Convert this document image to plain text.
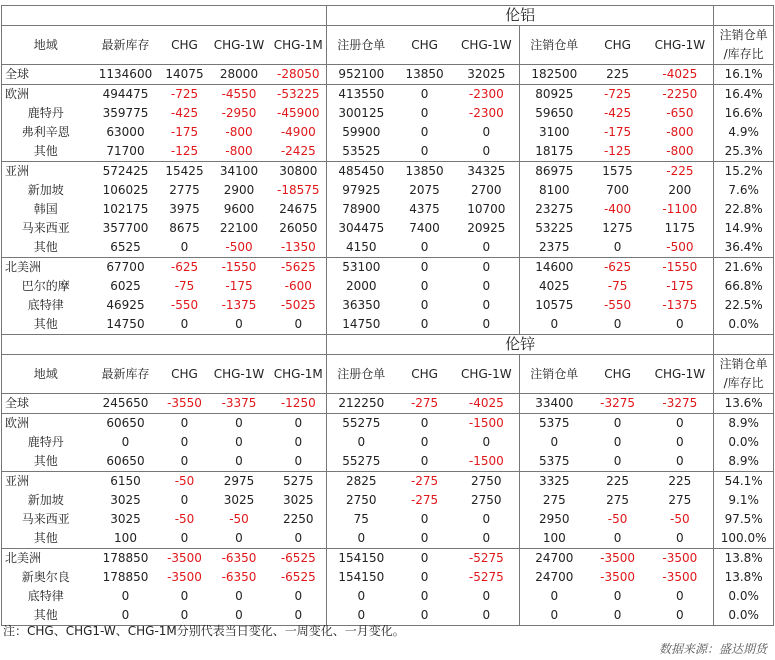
					伦铝						
地域	最新库存	CHG	CHG-1W	CHG-1M	注册仓单	CHG	CHG-1W	注销仓单	CHG	CHG-1W	注销仓单
/库存比
全球	1134600	14075	28000	-28050	952100	13850	32025	182500	225	-4025	16.1%
欧洲	494475	-725	-4550	-53225	413550	0	-2300	80925	-725	-2250	16.4%
鹿特丹	359775	-425	-2950	-45900	300125	0	-2300	59650	-425	-650	16.6%
弗利辛恩	63000	-175	-800	-4900	59900	0	0	3100	-175	-800	4.9%
其他	71700	-125	-800	-2425	53525	0	0	18175	-125	-800	25.3%
亚洲	572425	15425	34100	30800	485450	13850	34325	86975	1575	-225	15.2%
新加坡	106025	2775	2900	-18575	97925	2075	2700	8100	700	200	7.6%
韩国	102175	3975	9600	24675	78900	4375	10700	23275	-400	-1100	22.8%
马来西亚	357700	8675	22100	26050	304475	7400	20925	53225	1275	1175	14.9%
其他	6525	0	-500	-1350	4150	0	0	2375	0	-500	36.4%
北美洲	67700	-625	-1550	-5625	53100	0	0	14600	-625	-1550	21.6%
巴尔的摩	6025	-75	-175	-600	2000	0	0	4025	-75	-175	66.8%
底特律	46925	-550	-1375	-5025	36350	0	0	10575	-550	-1375	22.5%
其他	14750	0	0	0	14750	0	0	0	0	0	0.0%
					伦锌						
地域	最新库存	CHG	CHG-1W	CHG-1M	注册仓单	CHG	CHG-1W	注销仓单	CHG	CHG-1W	注销仓单
/库存比
全球	245650	-3550	-3375	-1250	212250	-275	-4025	33400	-3275	-3275	13.6%
欧洲	60650	0	0	0	55275	0	-1500	5375	0	0	8.9%
鹿特丹	0	0	0	0	0	0	0	0	0	0	0.0%
其他	60650	0	0	0	55275	0	-1500	5375	0	0	8.9%
亚洲	6150	-50	2975	5275	2825	-275	2750	3325	225	225	54.1%
新加坡	3025	0	3025	3025	2750	-275	2750	275	275	275	9.1%
马来西亚	3025	-50	-50	2250	75	0	0	2950	-50	-50	97.5%
其他	100	0	0	0	0	0	0	100	0	0	100.0%
北美洲	178850	-3500	-6350	-6525	154150	0	-5275	24700	-3500	-3500	13.8%
新奥尔良	178850	-3500	-6350	-6525	154150	0	-5275	24700	-3500	-3500	13.8%
底特律	0	0	0	0	0	0	0	0	0	0	0.0%
其他	0	0	0	0	0	0	0	0	0	0	0.0%
注：CHG、CHG1-W、CHG-1M分别代表当日变化、一周变化、一月变化。
数据来源：盛达期货
